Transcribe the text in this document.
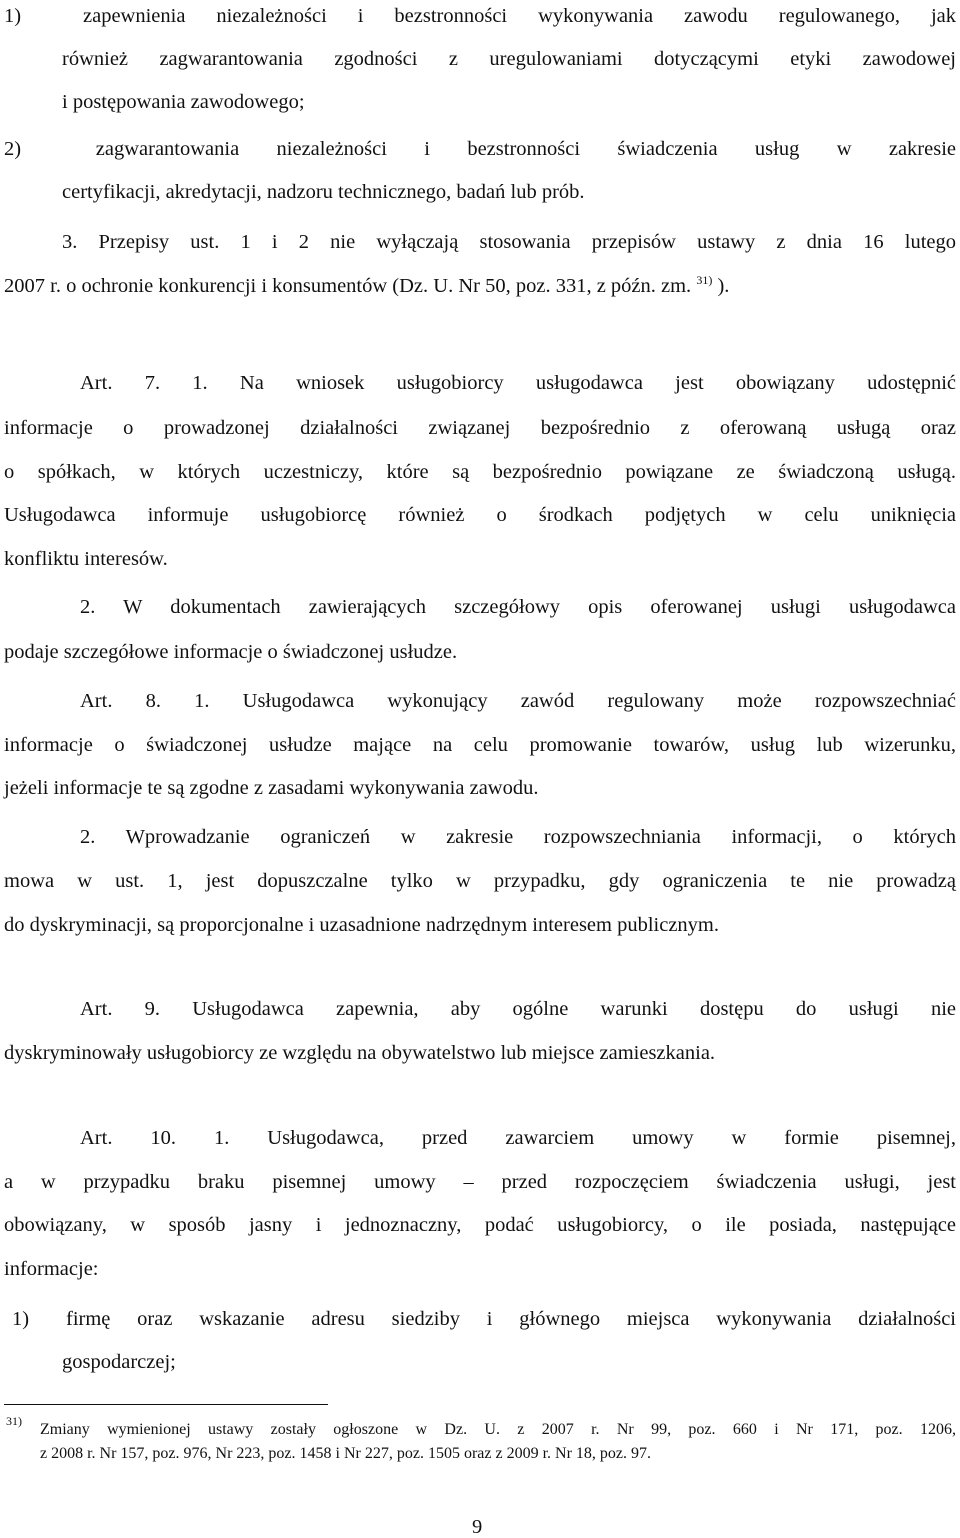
1)  zapewnienia niezależności i bezstronności wykonywania zawodu regulowanego, jak
również zagwarantowania zgodności z uregulowaniami dotyczącymi etyki zawodowej
i postępowania zawodowego;
2)  zagwarantowania niezależności i bezstronności świadczenia usług w zakresie
certyfikacji, akredytacji, nadzoru technicznego, badań lub prób.
3. Przepisy ust. 1 i 2 nie wyłączają stosowania przepisów ustawy z dnia 16 lutego
2007 r. o ochronie konkurencji i konsumentów (Dz. U. Nr 50, poz. 331, z późn. zm. $^{31)}$ ).
Art. 7. 1. Na wniosek usługobiorcy usługodawca jest obowiązany udostępnić
informacje o prowadzonej działalności związanej bezpośrednio z oferowaną usługą oraz
o spółkach, w których uczestniczy, które są bezpośrednio powiązane ze świadczoną usługą.
Usługodawca informuje usługobiorcę również o środkach podjętych w celu uniknięcia
konfliktu interesów.
2. W dokumentach zawierających szczegółowy opis oferowanej usługi usługodawca
podaje szczegółowe informacje o świadczonej usłudze.
Art. 8. 1. Usługodawca wykonujący zawód regulowany może rozpowszechniać
informacje o świadczonej usłudze mające na celu promowanie towarów, usług lub wizerunku,
jeżeli informacje te są zgodne z zasadami wykonywania zawodu.
2. Wprowadzanie ograniczeń w zakresie rozpowszechniania informacji, o których
mowa w ust. 1, jest dopuszczalne tylko w przypadku, gdy ograniczenia te nie prowadzą
do dyskryminacji, są proporcjonalne i uzasadnione nadrzędnym interesem publicznym.
Art. 9. Usługodawca zapewnia, aby ogólne warunki dostępu do usługi nie
dyskryminowały usługobiorcy ze względu na obywatelstwo lub miejsce zamieszkania.
Art. 10. 1. Usługodawca, przed zawarciem umowy w formie pisemnej,
a w przypadku braku pisemnej umowy – przed rozpoczęciem świadczenia usługi, jest
obowiązany, w sposób jasny i jednoznaczny, podać usługobiorcy, o ile posiada, następujące
informacje:
1) firmę oraz wskazanie adresu siedziby i głównego miejsca wykonywania działalności
gospodarczej;
31) Zmiany wymienionej ustawy zostały ogłoszone w Dz. U. z 2007 r. Nr 99, poz. 660 i Nr 171, poz. 1206,
z 2008 r. Nr 157, poz. 976, Nr 223, poz. 1458 i Nr 227, poz. 1505 oraz z 2009 r. Nr 18, poz. 97.
9
